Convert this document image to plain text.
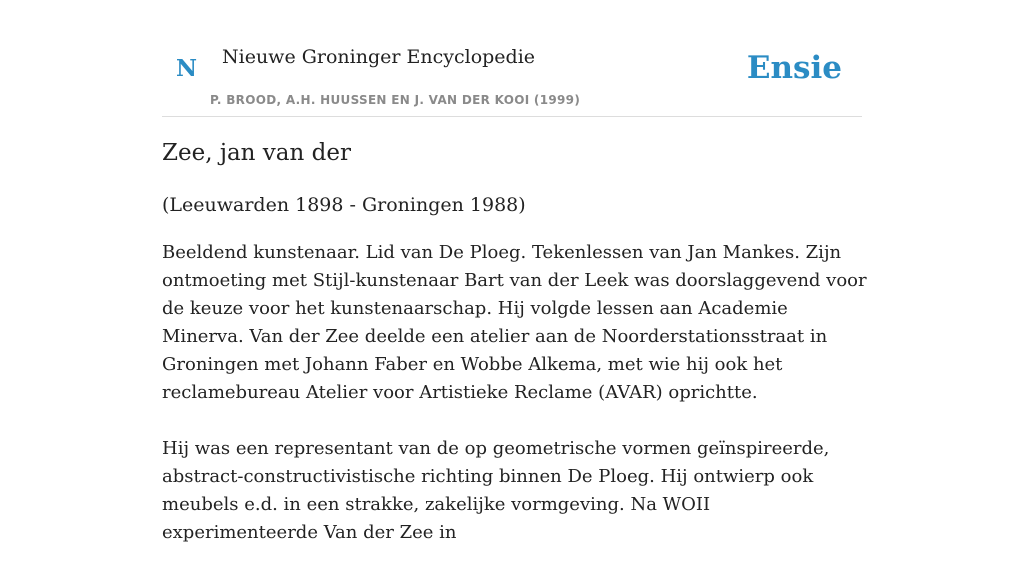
N Nieuwe Groninger Encyclopedie
P. BROOD, A.H. HUUSSEN EN J. VAN DER KOOI (1999)
Ensie
Zee, jan van der

(Leeuwarden 1898 - Groningen 1988)

Beeldend kunstenaar. Lid van De Ploeg. Tekenlessen van Jan Mankes. Zijn ontmoeting met Stijl-kunstenaar Bart van der Leek was doorslaggevend voor de keuze voor het kunstenaarschap. Hij volgde lessen aan Academie Minerva. Van der Zee deelde een atelier aan de Noorderstationsstraat in Groningen met Johann Faber en Wobbe Alkema, met wie hij ook het reclamebureau Atelier voor Artistieke Reclame (AVAR) oprichtte.

Hij was een representant van de op geometrische vormen geïnspireerde, abstract-constructivistische richting binnen De Ploeg. Hij ontwierp ook meubels e.d. in een strakke, zakelijke vormgeving. Na WOII experimenteerde Van der Zee in
